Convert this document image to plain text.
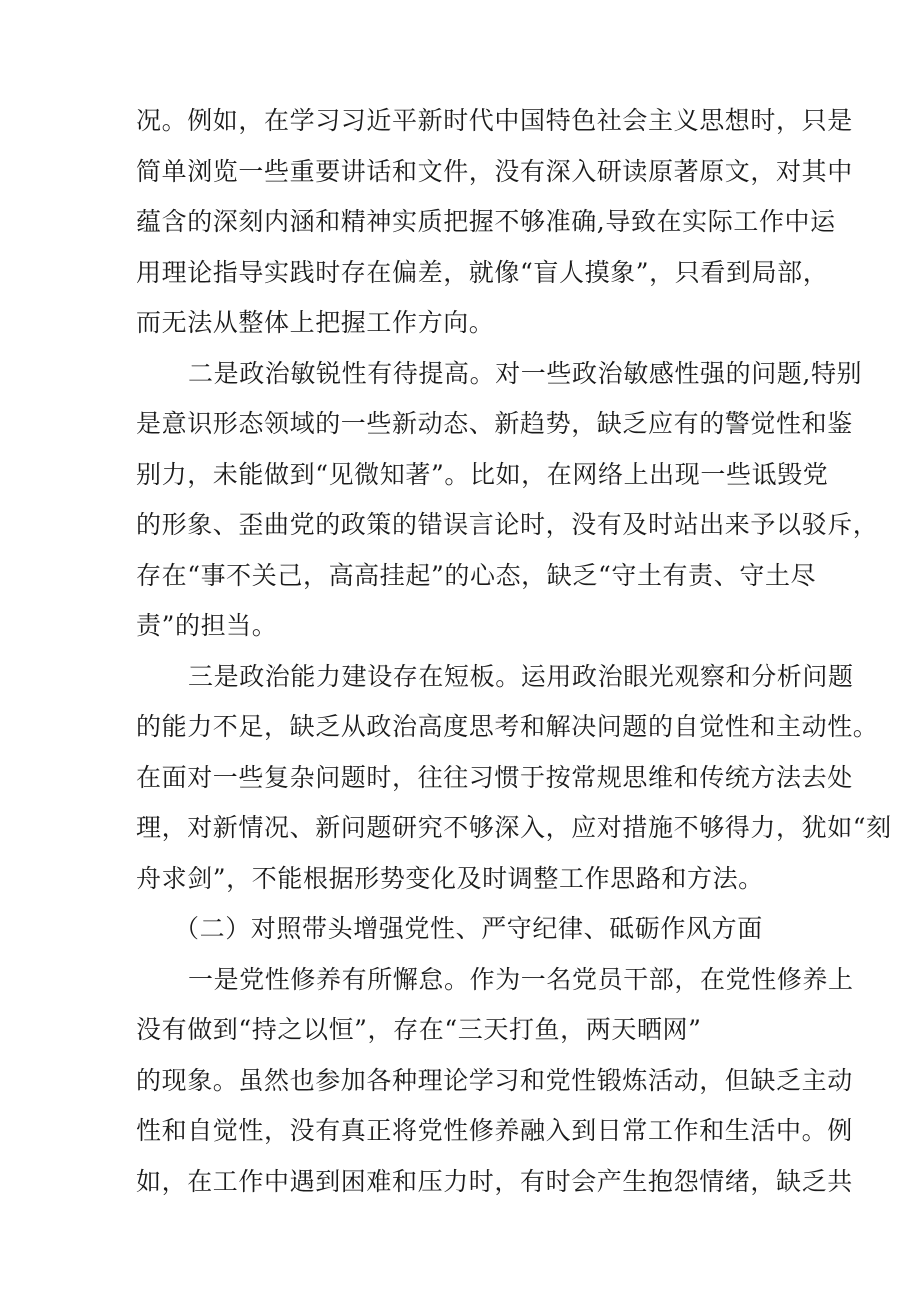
况。例如，在学习习近平新时代中国特色社会主义思想时，只是
简单浏览一些重要讲话和文件，没有深入研读原著原文，对其中
蕴含的深刻内涵和精神实质把握不够准确,导致在实际工作中运
用理论指导实践时存在偏差，就像“盲人摸象”，只看到局部，
而无法从整体上把握工作方向。
二是政治敏锐性有待提高。对一些政治敏感性强的问题,特别
是意识形态领域的一些新动态、新趋势，缺乏应有的警觉性和鉴
别力，未能做到“见微知著”。比如，在网络上出现一些诋毁党
的形象、歪曲党的政策的错误言论时，没有及时站出来予以驳斥，
存在“事不关己，高高挂起”的心态，缺乏“守土有责、守土尽
责”的担当。
三是政治能力建设存在短板。运用政治眼光观察和分析问题
的能力不足，缺乏从政治高度思考和解决问题的自觉性和主动性。
在面对一些复杂问题时，往往习惯于按常规思维和传统方法去处
理，对新情况、新问题研究不够深入，应对措施不够得力，犹如“刻
舟求剑”，不能根据形势变化及时调整工作思路和方法。
（二）对照带头增强党性、严守纪律、砥砺作风方面
一是党性修养有所懈怠。作为一名党员干部，在党性修养上
没有做到“持之以恒”，存在“三天打鱼，两天晒网”
的现象。虽然也参加各种理论学习和党性锻炼活动，但缺乏主动
性和自觉性，没有真正将党性修养融入到日常工作和生活中。例
如，在工作中遇到困难和压力时，有时会产生抱怨情绪，缺乏共
